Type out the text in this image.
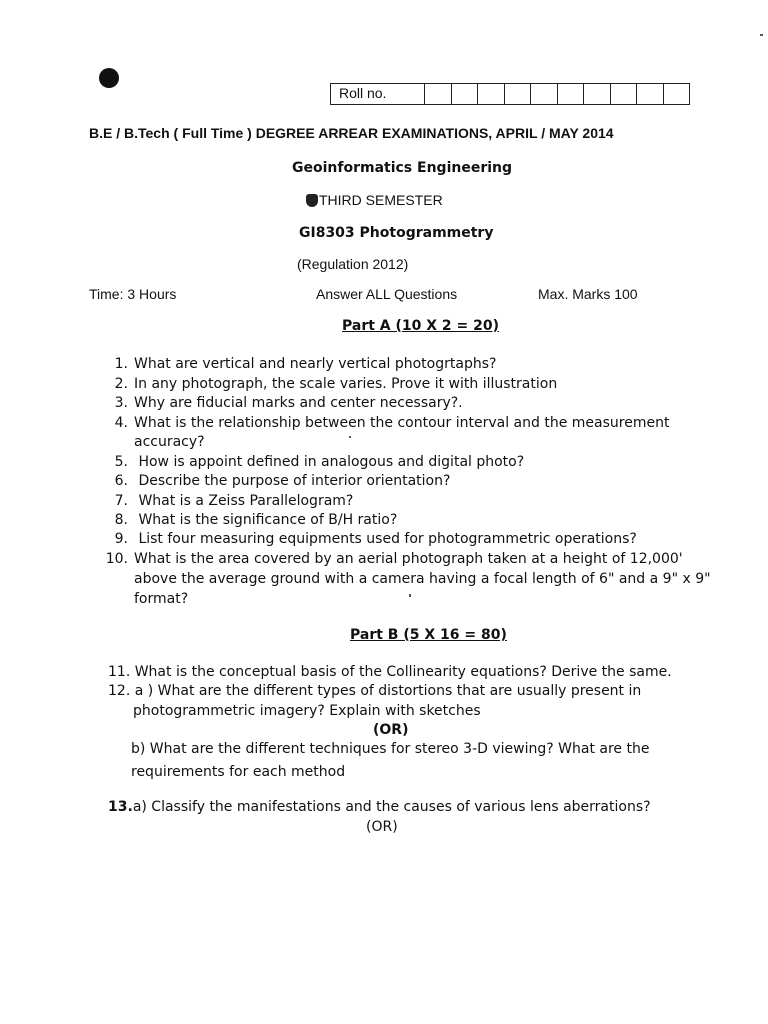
Roll no.
B.E / B.Tech ( Full Time ) DEGREE ARREAR EXAMINATIONS, APRIL / MAY 2014
Geoinformatics Engineering
THIRD SEMESTER
GI8303 Photogrammetry
(Regulation 2012)
Time: 3 Hours	Answer ALL Questions	Max. Marks 100
Part A (10 X 2 = 20)
1. What are vertical and nearly vertical photogrtaphs?
2. In any photograph, the scale varies. Prove it with illustration
3. Why are fiducial marks and center necessary?.
4. What is the relationship between the contour interval and the measurement
accuracy?
5. How is appoint defined in analogous and digital photo?
6. Describe the purpose of interior orientation?
7. What is a Zeiss Parallelogram?
8. What is the significance of B/H ratio?
9. List four measuring equipments used for photogrammetric operations?
10. What is the area covered by an aerial photograph taken at a height of 12,000'
above the average ground with a camera having a focal length of 6" and a 9" x 9"
format?
Part B (5 X 16 = 80)
11. What is the conceptual basis of the Collinearity equations? Derive the same.
12. a ) What are the different types of distortions that are usually present in
photogrammetric imagery? Explain with sketches
(OR)
b) What are the different techniques for stereo 3-D viewing? What are the
requirements for each method
13.a) Classify the manifestations and the causes of various lens aberrations?
(OR)
